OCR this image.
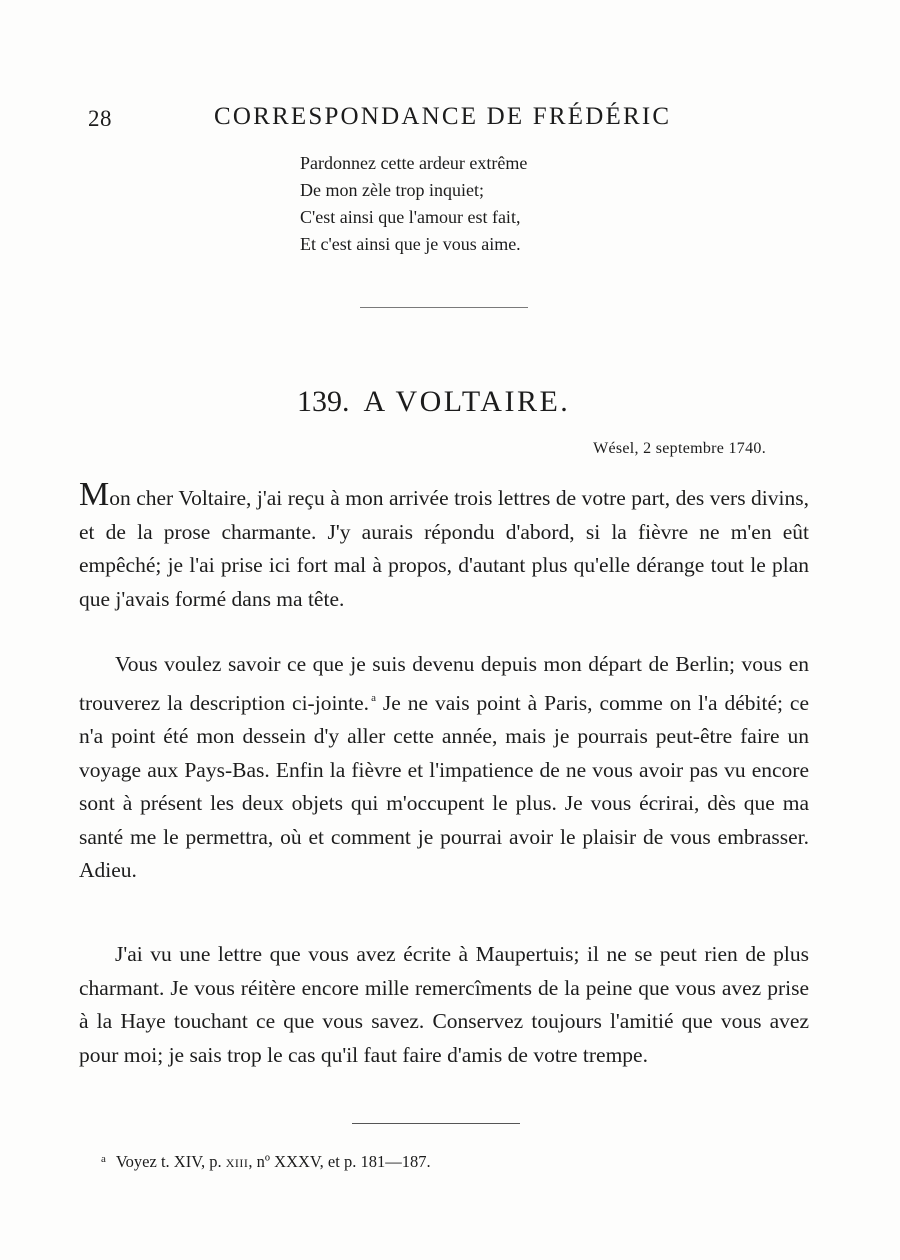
28	CORRESPONDANCE DE FRÉDÉRIC
Pardonnez cette ardeur extrême
De mon zèle trop inquiet;
C'est ainsi que l'amour est fait,
Et c'est ainsi que je vous aime.
139. A VOLTAIRE.
Wésel, 2 septembre 1740.

Mon cher Voltaire, j'ai reçu à mon arrivée trois lettres de votre part, des vers divins, et de la prose charmante. J'y aurais répondu d'abord, si la fièvre ne m'en eût empêché; je l'ai prise ici fort mal à propos, d'autant plus qu'elle dérange tout le plan que j'avais formé dans ma tête.

Vous voulez savoir ce que je suis devenu depuis mon départ de Berlin; vous en trouverez la description ci-jointe. $^a$ Je ne vais point à Paris, comme on l'a débité; ce n'a point été mon dessein d'y aller cette année, mais je pourrais peut-être faire un voyage aux Pays-Bas. Enfin la fièvre et l'impatience de ne vous avoir pas vu encore sont à présent les deux objets qui m'occupent le plus. Je vous écrirai, dès que ma santé me le permettra, où et comment je pourrai avoir le plaisir de vous embrasser. Adieu.

J'ai vu une lettre que vous avez écrite à Maupertuis; il ne se peut rien de plus charmant. Je vous réitère encore mille remercîments de la peine que vous avez prise à la Haye touchant ce que vous savez. Conservez toujours l'amitié que vous avez pour moi; je sais trop le cas qu'il faut faire d'amis de votre trempe.

$^a$ Voyez t. XIV, p. XIII, nº XXXV, et p. 181—187.
